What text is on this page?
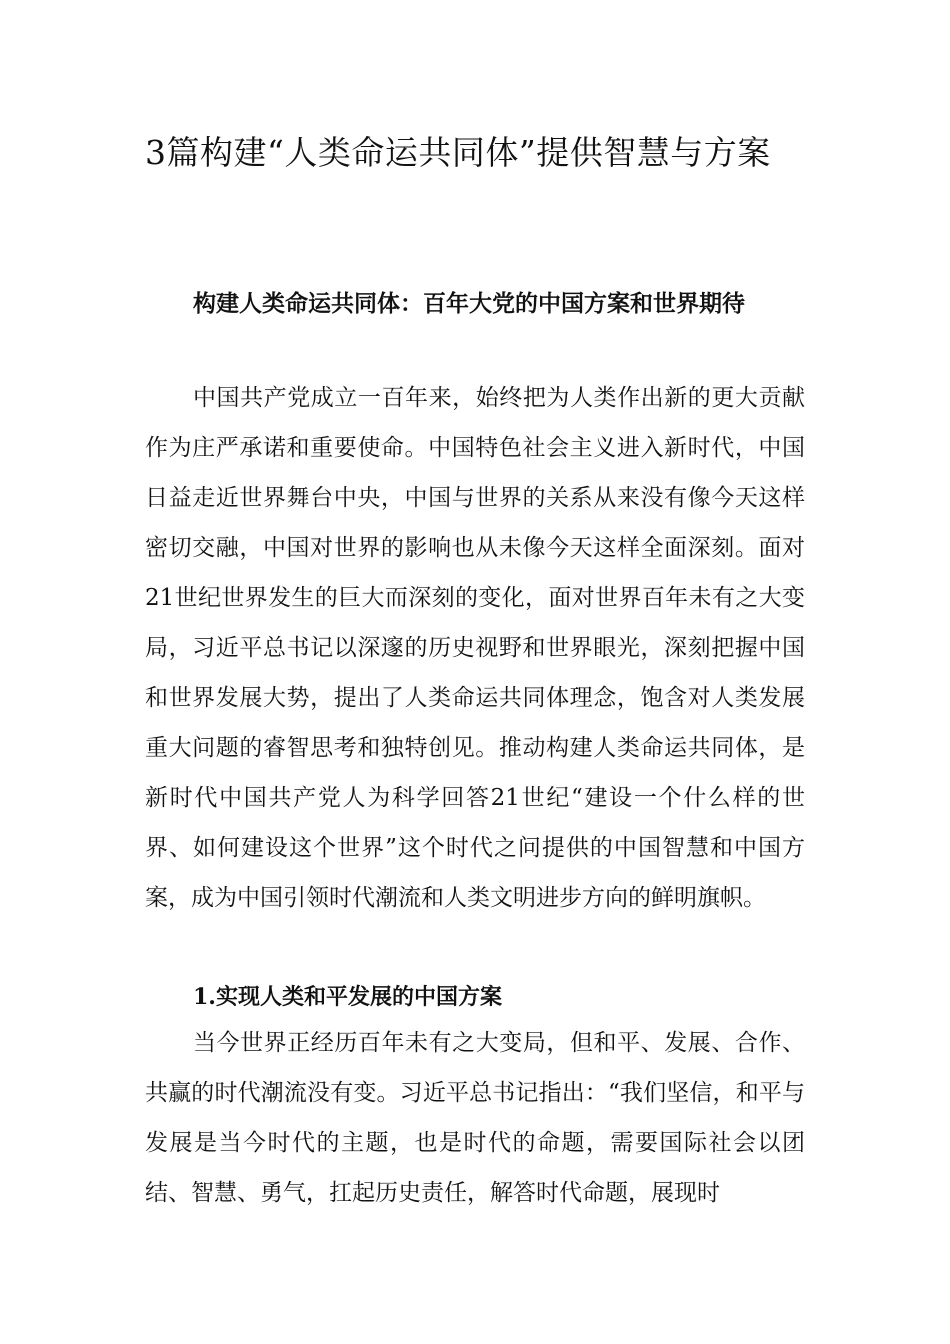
3篇构建“人类命运共同体”提供智慧与方案
构建人类命运共同体：百年大党的中国方案和世界期待

中国共产党成立一百年来，始终把为人类作出新的更大贡献作为庄严承诺和重要使命。中国特色社会主义进入新时代，中国日益走近世界舞台中央，中国与世界的关系从来没有像今天这样密切交融，中国对世界的影响也从未像今天这样全面深刻。面对21世纪世界发生的巨大而深刻的变化，面对世界百年未有之大变局，习近平总书记以深邃的历史视野和世界眼光，深刻把握中国和世界发展大势，提出了人类命运共同体理念，饱含对人类发展重大问题的睿智思考和独特创见。推动构建人类命运共同体，是新时代中国共产党人为科学回答21世纪“建设一个什么样的世界、如何建设这个世界”这个时代之问提供的中国智慧和中国方案，成为中国引领时代潮流和人类文明进步方向的鲜明旗帜。

1.实现人类和平发展的中国方案

当今世界正经历百年未有之大变局，但和平、发展、合作、共赢的时代潮流没有变。习近平总书记指出：“我们坚信，和平与发展是当今时代的主题，也是时代的命题，需要国际社会以团结、智慧、勇气，扛起历史责任，解答时代命题，展现时
